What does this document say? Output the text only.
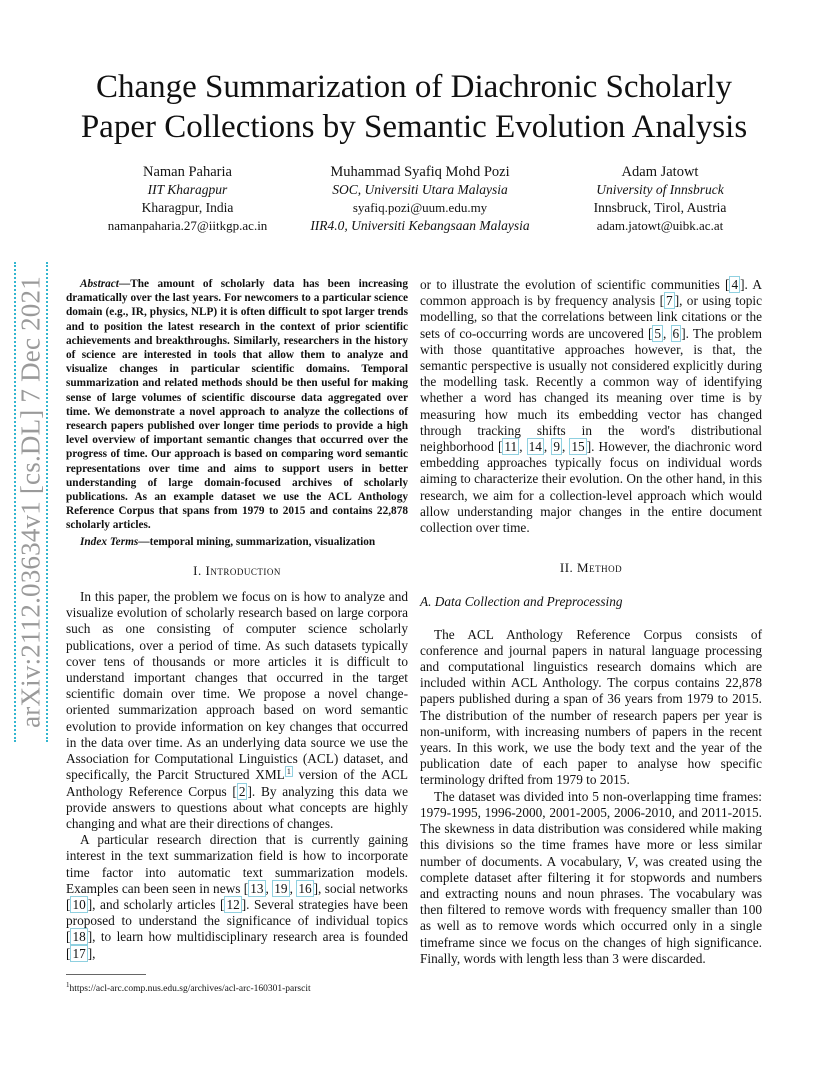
arXiv:2112.03634v1 [cs.DL] 7 Dec 2021
Change Summarization of Diachronic Scholarly
Paper Collections by Semantic Evolution Analysis
Naman Paharia
IIT Kharagpur
Kharagpur, India
namanpaharia.27@iitkgp.ac.in
Muhammad Syafiq Mohd Pozi
SOC, Universiti Utara Malaysia
syafiq.pozi@uum.edu.my
IIR4.0, Universiti Kebangsaan Malaysia
Adam Jatowt
University of Innsbruck
Innsbruck, Tirol, Austria
adam.jatowt@uibk.ac.at
Abstract—The amount of scholarly data has been increasing dramatically over the last years. For newcomers to a particular science domain (e.g., IR, physics, NLP) it is often difficult to spot larger trends and to position the latest research in the context of prior scientific achievements and breakthroughs. Similarly, researchers in the history of science are interested in tools that allow them to analyze and visualize changes in particular scientific domains. Temporal summarization and related methods should be then useful for making sense of large volumes of scientific discourse data aggregated over time. We demonstrate a novel approach to analyze the collections of research papers published over longer time periods to provide a high level overview of important semantic changes that occurred over the progress of time. Our approach is based on comparing word semantic representations over time and aims to support users in better understanding of large domain-focused archives of scholarly publications. As an example dataset we use the ACL Anthology Reference Corpus that spans from 1979 to 2015 and contains 22,878 scholarly articles.
Index Terms—temporal mining, summarization, visualization
I. Introduction

In this paper, the problem we focus on is how to analyze and visualize evolution of scholarly research based on large corpora such as one consisting of computer science scholarly publications, over a period of time. As such datasets typically cover tens of thousands or more articles it is difficult to understand important changes that occurred in the target scientific domain over time. We propose a novel change-oriented summarization approach based on word semantic evolution to provide information on key changes that occurred in the data over time. As an underlying data source we use the Association for Computational Linguistics (ACL) dataset, and specifically, the Parcit Structured XML $^1$ version of the ACL Anthology Reference Corpus [ 2 ]. By analyzing this data we provide answers to questions about what concepts are highly changing and what are their directions of changes.

A particular research direction that is currently gaining interest in the text summarization field is how to incorporate time factor into automatic text summarization models. Examples can been seen in news [ 13 , 19 , 16 ], social networks [ 10 ], and scholarly articles [ 12 ]. Several strategies have been proposed to understand the significance of individual topics [ 18 ], to learn how multidisciplinary research area is founded [ 17 ],

$^1$https://acl-arc.comp.nus.edu.sg/archives/acl-arc-160301-parscit

or to illustrate the evolution of scientific communities [ 4 ]. A common approach is by frequency analysis [ 7 ], or using topic modelling, so that the correlations between link citations or the sets of co-occurring words are uncovered [ 5 , 6 ]. The problem with those quantitative approaches however, is that, the semantic perspective is usually not considered explicitly during the modelling task. Recently a common way of identifying whether a word has changed its meaning over time is by measuring how much its embedding vector has changed through tracking shifts in the word's distributional neighborhood [ 11 , 14 , 9 , 15 ]. However, the diachronic word embedding approaches typically focus on individual words aiming to characterize their evolution. On the other hand, in this research, we aim for a collection-level approach which would allow understanding major changes in the entire document collection over time.

II. Method
A. Data Collection and Preprocessing

The ACL Anthology Reference Corpus consists of conference and journal papers in natural language processing and computational linguistics research domains which are included within ACL Anthology. The corpus contains 22,878 papers published during a span of 36 years from 1979 to 2015. The distribution of the number of research papers per year is non-uniform, with increasing numbers of papers in the recent years. In this work, we use the body text and the year of the publication date of each paper to analyse how specific terminology drifted from 1979 to 2015.

The dataset was divided into 5 non-overlapping time frames: 1979-1995, 1996-2000, 2001-2005, 2006-2010, and 2011-2015. The skewness in data distribution was considered while making this divisions so the time frames have more or less similar number of documents. A vocabulary, V, was created using the complete dataset after filtering it for stopwords and numbers and extracting nouns and noun phrases. The vocabulary was then filtered to remove words with frequency smaller than 100 as well as to remove words which occurred only in a single timeframe since we focus on the changes of high significance. Finally, words with length less than 3 were discarded.
